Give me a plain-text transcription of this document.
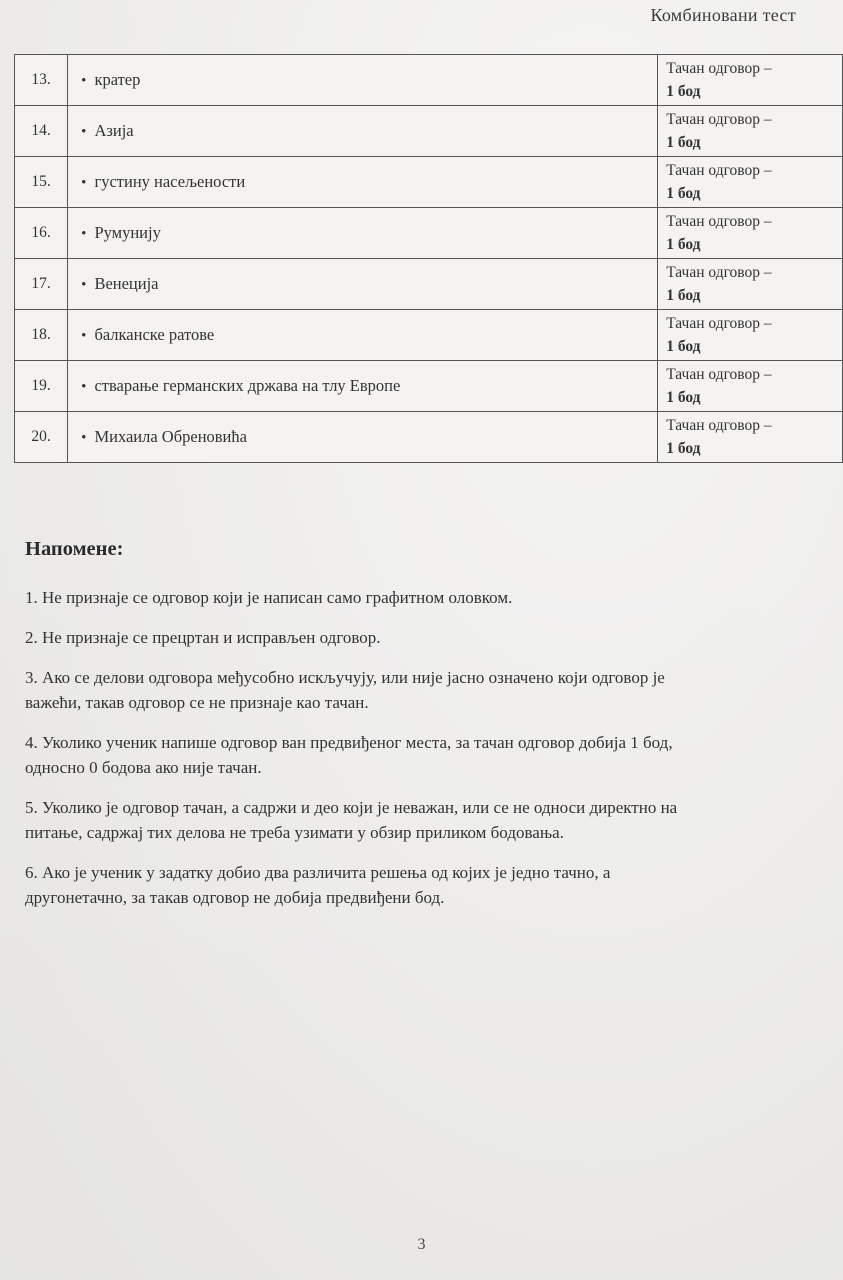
Комбиновани тест
13.	• кратер	Тачан одговор –
1 бод

14.	• Азија	Тачан одговор –
1 бод

15.	• густину насељености	Тачан одговор –
1 бод

16.	• Румунију	Тачан одговор –
1 бод

17.	• Венеција	Тачан одговор –
1 бод

18.	• балканске ратове	Тачан одговор –
1 бод

19.	• стварање германских држава на тлу Европе	Тачан одговор –
1 бод

20.	• Михаила Обреновића	Тачан одговор –
1 бод
Напомене:

1. Не признаје се одговор који је написан само графитном оловком.

2. Не признаје се прецртан и исправљен одговор.

3. Ако се делови одговора међусобно искључују, или није јасно означено који одговор је
важећи, такав одговор се не признаје као тачан.

4. Уколико ученик напише одговор ван предвиђеног места, за тачан одговор добија 1 бод,
односно 0 бодова ако није тачан.

5. Уколико је одговор тачан, а садржи и део који је неважан, или се не односи директно на
питање, садржај тих делова не треба узимати у обзир приликом бодовања.

6. Ако је ученик у задатку добио два различита решења од којих је једно тачно, а
другонетачно, за такав одговор не добија предвиђени бод.

3
